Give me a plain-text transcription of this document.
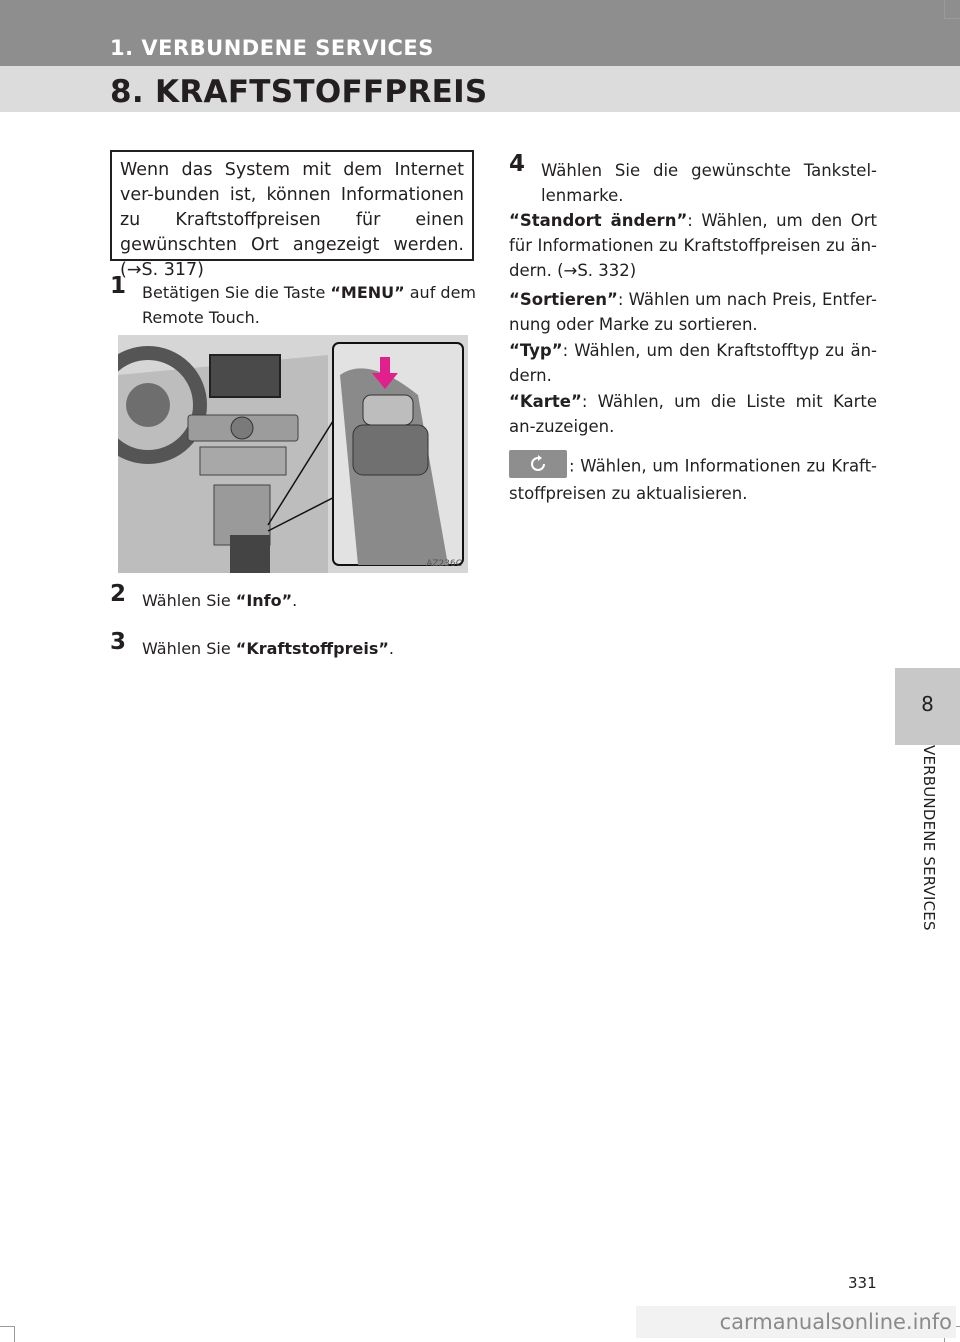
1. VERBUNDENE SERVICES
8. KRAFTSTOFFPREIS
Wenn das System mit dem Internet ver-bunden ist, können Informationen zu Kraftstoffpreisen für einen gewünschten Ort angezeigt werden. (→S. 317)
1 Betätigen Sie die Taste “MENU” auf dem Remote Touch.
AZ236C
2 Wählen Sie “Info”.
3 Wählen Sie “Kraftstoffpreis”.
4 Wählen Sie die gewünschte Tankstel-lenmarke.
“Standort ändern”: Wählen, um den Ort für Informationen zu Kraftstoffpreisen zu än-dern. (→S. 332)
“Sortieren”: Wählen um nach Preis, Entfer-nung oder Marke zu sortieren.
“Typ”: Wählen, um den Kraftstofftyp zu än-dern.
“Karte”: Wählen, um die Liste mit Karte an-zuzeigen.
: Wählen, um Informationen zu Kraft-stoffpreisen zu aktualisieren.
8
VERBUNDENE SERVICES
331
carmanualsonline.info
